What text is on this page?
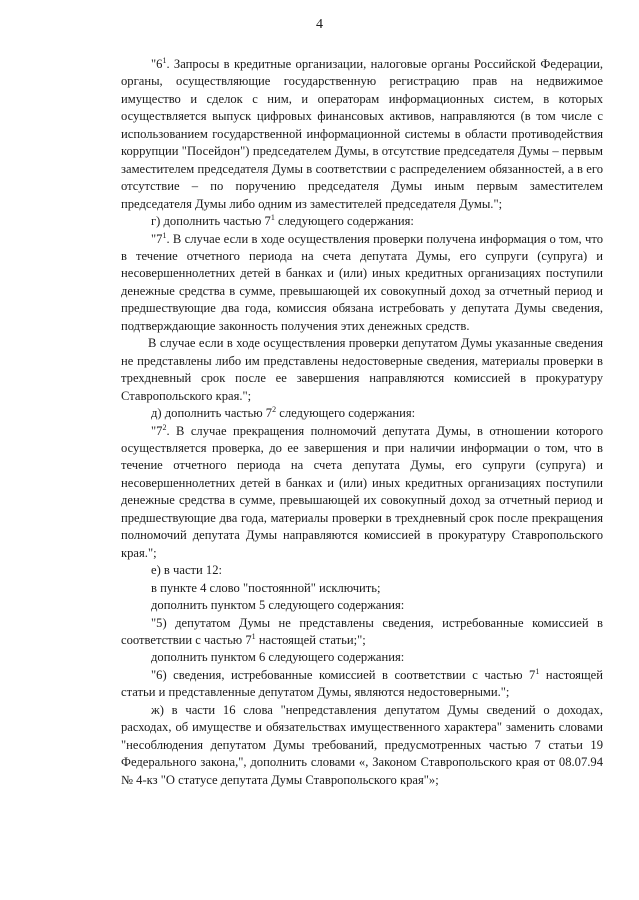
4

"$6^1$. Запросы в кредитные организации, налоговые органы Российской Федерации, органы, осуществляющие государственную регистрацию прав на недвижимое имущество и сделок с ним, и операторам информационных систем, в которых осуществляется выпуск цифровых финансовых активов, направляются (в том числе с использованием государственной информационной системы в области противодействия коррупции "Посейдон") председателем Думы, в отсутствие председателя Думы – первым заместителем председателя Думы в соответствии с распределением обязанностей, а в его отсутствие – по поручению председателя Думы иным первым заместителем председателя Думы либо одним из заместителей председателя Думы.";

г) дополнить частью $7^1$ следующего содержания:

"$7^1$. В случае если в ходе осуществления проверки получена информация о том, что в течение отчетного периода на счета депутата Думы, его супруги (супруга) и несовершеннолетних детей в банках и (или) иных кредитных организациях поступили денежные средства в сумме, превышающей их совокупный доход за отчетный период и предшествующие два года, комиссия обязана истребовать у депутата Думы сведения, подтверждающие законность получения этих денежных средств.

В случае если в ходе осуществления проверки депутатом Думы указанные сведения не представлены либо им представлены недостоверные сведения, материалы проверки в трехдневный срок после ее завершения направляются комиссией в прокуратуру Ставропольского края.";

д) дополнить частью $7^2$ следующего содержания:

"$7^2$. В случае прекращения полномочий депутата Думы, в отношении которого осуществляется проверка, до ее завершения и при наличии информации о том, что в течение отчетного периода на счета депутата Думы, его супруги (супруга) и несовершеннолетних детей в банках и (или) иных кредитных организациях поступили денежные средства в сумме, превышающей их совокупный доход за отчетный период и предшествующие два года, материалы проверки в трехдневный срок после прекращения полномочий депутата Думы направляются комиссией в прокуратуру Ставропольского края.";

е) в части 12:

в пункте 4 слово "постоянной" исключить;

дополнить пунктом 5 следующего содержания:

"5) депутатом Думы не представлены сведения, истребованные комиссией в соответствии с частью $7^1$ настоящей статьи;";

дополнить пунктом 6 следующего содержания:

"6) сведения, истребованные комиссией в соответствии с частью $7^1$ настоящей статьи и представленные депутатом Думы, являются недостоверными.";

ж) в части 16 слова "непредставления депутатом Думы сведений о доходах, расходах, об имуществе и обязательствах имущественного характера" заменить словами "несоблюдения депутатом Думы требований, предусмотренных частью 7 статьи 19 Федерального закона,", дополнить словами «, Законом Ставропольского края от 08.07.94 № 4-кз "О статусе депутата Думы Ставропольского края"»;
